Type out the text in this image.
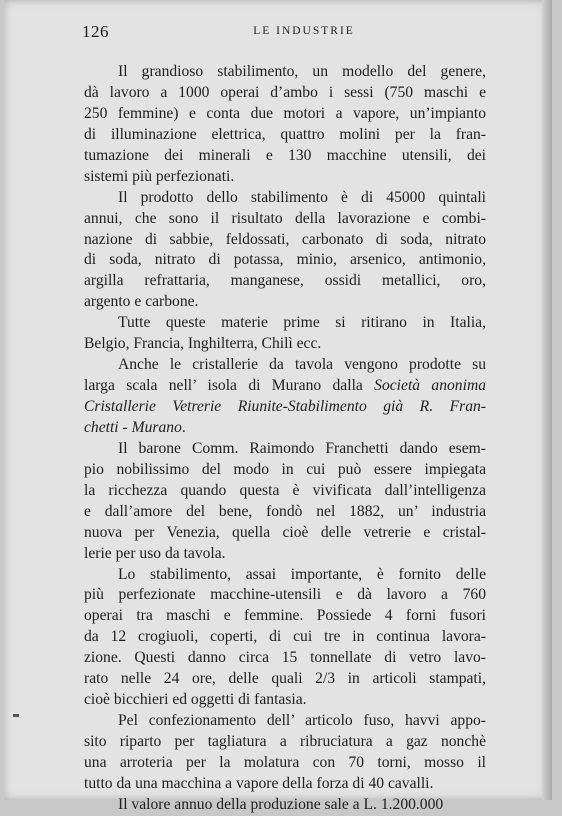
126	LE INDUSTRIE
Il grandioso stabilimento, un modello del genere,
dà lavoro a 1000 operai d’ambo i sessi (750 maschi e
250 femmine) e conta due motori a vapore, un’impianto
di illuminazione elettrica, quattro molini per la fran-
tumazione dei minerali e 130 macchine utensili, dei
sistemi più perfezionati.
Il prodotto dello stabilimento è di 45000 quintali
annui, che sono il risultato della lavorazione e combi-
nazione di sabbie, feldossati, carbonato di soda, nitrato
di soda, nitrato di potassa, minio, arsenico, antimonio,
argilla refrattaria, manganese, ossidi metallici, oro,
argento e carbone.
Tutte queste materie prime si ritirano in Italia,
Belgio, Francia, Inghilterra, Chilì ecc.
Anche le cristallerie da tavola vengono prodotte su
larga scala nell’ isola di Murano dalla Società anonima
Cristallerie Vetrerie Riunite-Stabilimento già R. Fran-
chetti - Murano.
Il barone Comm. Raimondo Franchetti dando esem-
pio nobilissimo del modo in cui può essere impiegata
la ricchezza quando questa è vivificata dall’intelligenza
e dall’amore del bene, fondò nel 1882, un’ industria
nuova per Venezia, quella cioè delle vetrerie e cristal-
lerie per uso da tavola.
Lo stabilimento, assai importante, è fornito delle
più perfezionate macchine-utensili e dà lavoro a 760
operai tra maschi e femmine. Possiede 4 forni fusori
da 12 crogiuoli, coperti, di cui tre in continua lavora-
zione. Questi danno circa 15 tonnellate di vetro lavo-
rato nelle 24 ore, delle quali 2/3 in articoli stampati,
cioè bicchieri ed oggetti di fantasia.
Pel confezionamento dell’ articolo fuso, havvi appo-
sito riparto per tagliatura a ribruciatura a gaz nonchè
una arroteria per la molatura con 70 torni, mosso il
tutto da una macchina a vapore della forza di 40 cavalli.
Il valore annuo della produzione sale a L. 1.200.000
